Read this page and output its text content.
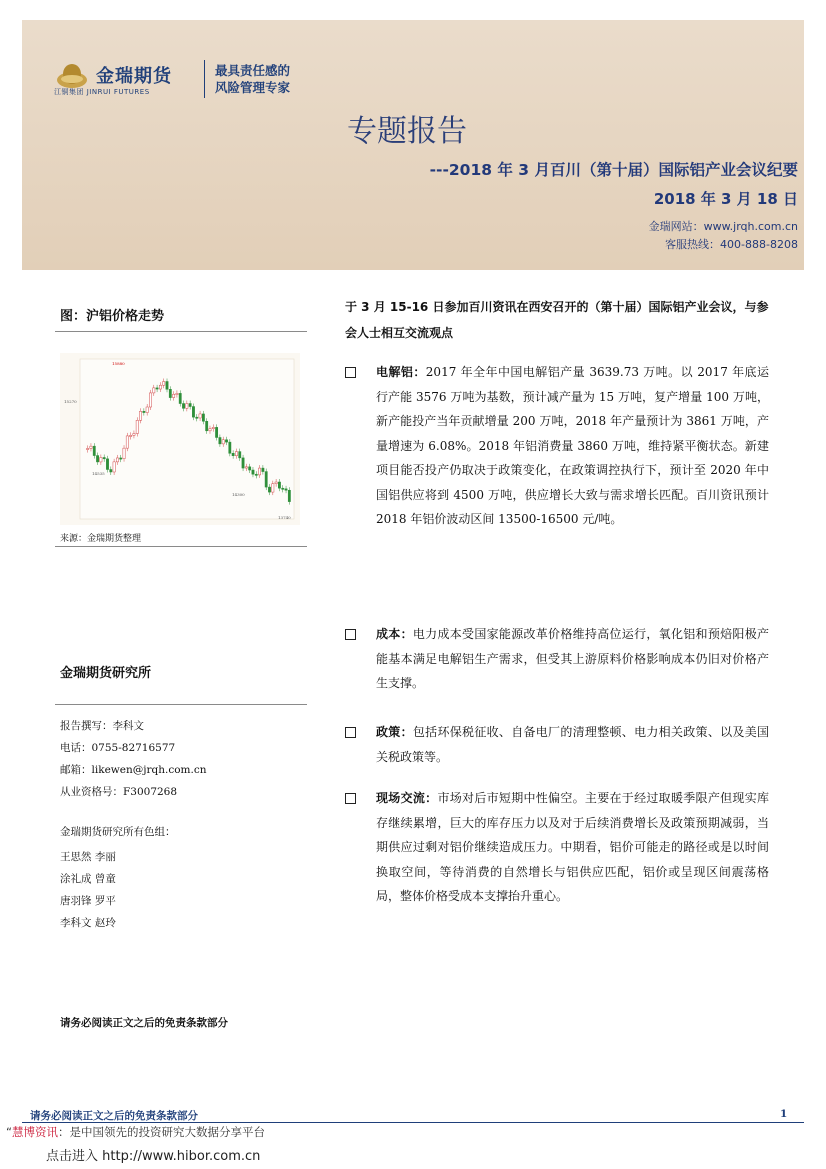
金瑞期货
江铜集团 JINRUI FUTURES
最具责任感的
风险管理专家
专题报告
---2018 年 3 月百川（第十届）国际铝产业会议纪要
2018 年 3 月 18 日
金瑞网站：www.jrqh.com.cn
客服热线：400-888-8208
图：沪铝价格走势
15880
15270
14535
14300
13740
来源：金瑞期货整理
金瑞期货研究所
报告撰写：李科文
电话：0755-82716577
邮箱：likewen@jrqh.com.cn
从业资格号：F3007268
金瑞期货研究所有色组：
王思然 李丽
涂礼成 曾童
唐羽锋 罗平
李科文 赵玲
请务必阅读正文之后的免责条款部分
于 3 月 15-16 日参加百川资讯在西安召开的（第十届）国际铝产业会议，与参会人士相互交流观点
电解铝：2017 年全年中国电解铝产量 3639.73 万吨。以 2017 年底运行产能 3576 万吨为基数，预计减产量为 15 万吨，复产增量 100 万吨，新产能投产当年贡献增量 200 万吨，2018 年产量预计为 3861 万吨，产量增速为 6.08%。2018 年铝消费量 3860 万吨，维持紧平衡状态。新建项目能否投产仍取决于政策变化，在政策调控执行下，预计至 2020 年中国铝供应将到 4500 万吨，供应增长大致与需求增长匹配。百川资讯预计 2018 年铝价波动区间 13500-16500 元/吨。
成本：电力成本受国家能源改革价格维持高位运行，氧化铝和预焙阳极产能基本满足电解铝生产需求，但受其上游原料价格影响成本仍旧对价格产生支撑。
政策：包括环保税征收、自备电厂的清理整顿、电力相关政策、以及美国关税政策等。
现场交流：市场对后市短期中性偏空。主要在于经过取暖季限产但现实库存继续累增，巨大的库存压力以及对于后续消费增长及政策预期减弱，当期供应过剩对铝价继续造成压力。中期看，铝价可能走的路径或是以时间换取空间，等待消费的自然增长与铝供应匹配，铝价或呈现区间震荡格局，整体价格受成本支撑抬升重心。
请务必阅读正文之后的免责条款部分	1
“慧博资讯：是中国领先的投资研究大数据分享平台
点击进入 http://www.hibor.com.cn
